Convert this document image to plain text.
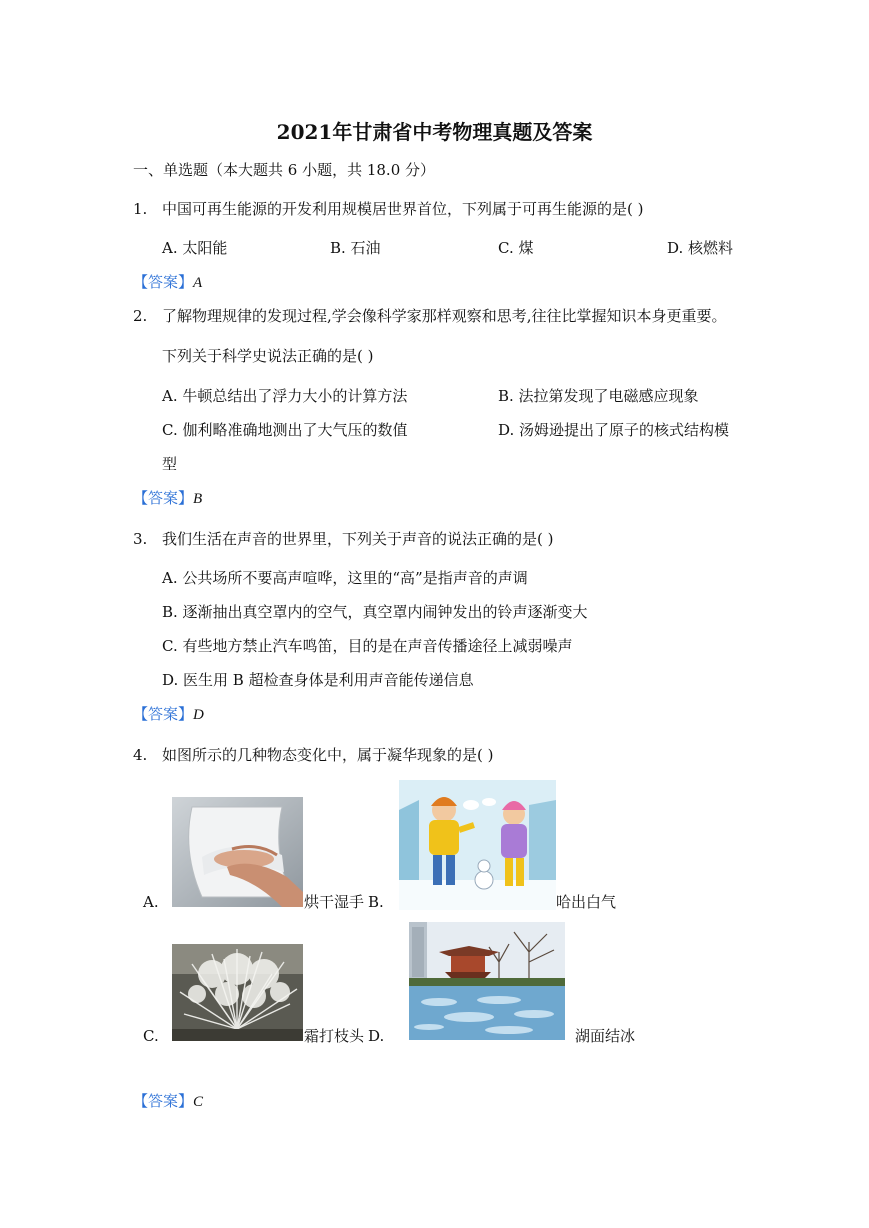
2021年甘肃省中考物理真题及答案
一、单选题（本大题共 6 小题，共 18.0 分）
1. 中国可再生能源的开发利用规模居世界首位，下列属于可再生能源的是( )
A. 太阳能	B. 石油	C. 煤	D. 核燃料
【答案】A
2. 了解物理规律的发现过程,学会像科学家那样观察和思考,往往比掌握知识本身更重要。
下列关于科学史说法正确的是( )
A. 牛顿总结出了浮力大小的计算方法	B. 法拉第发现了电磁感应现象
C. 伽利略准确地测出了大气压的数值	D. 汤姆逊提出了原子的核式结构模
型
【答案】B
3. 我们生活在声音的世界里，下列关于声音的说法正确的是( )
A. 公共场所不要高声喧哗，这里的“高”是指声音的声调
B. 逐渐抽出真空罩内的空气，真空罩内闹钟发出的铃声逐渐变大
C. 有些地方禁止汽车鸣笛，目的是在声音传播途径上减弱噪声
D. 医生用 B 超检查身体是利用声音能传递信息
【答案】D
4. 如图所示的几种物态变化中，属于凝华现象的是( )
A.	烘干湿手 B.	哈出白气
C.	霜打枝头 D.	湖面结冰
【答案】C
